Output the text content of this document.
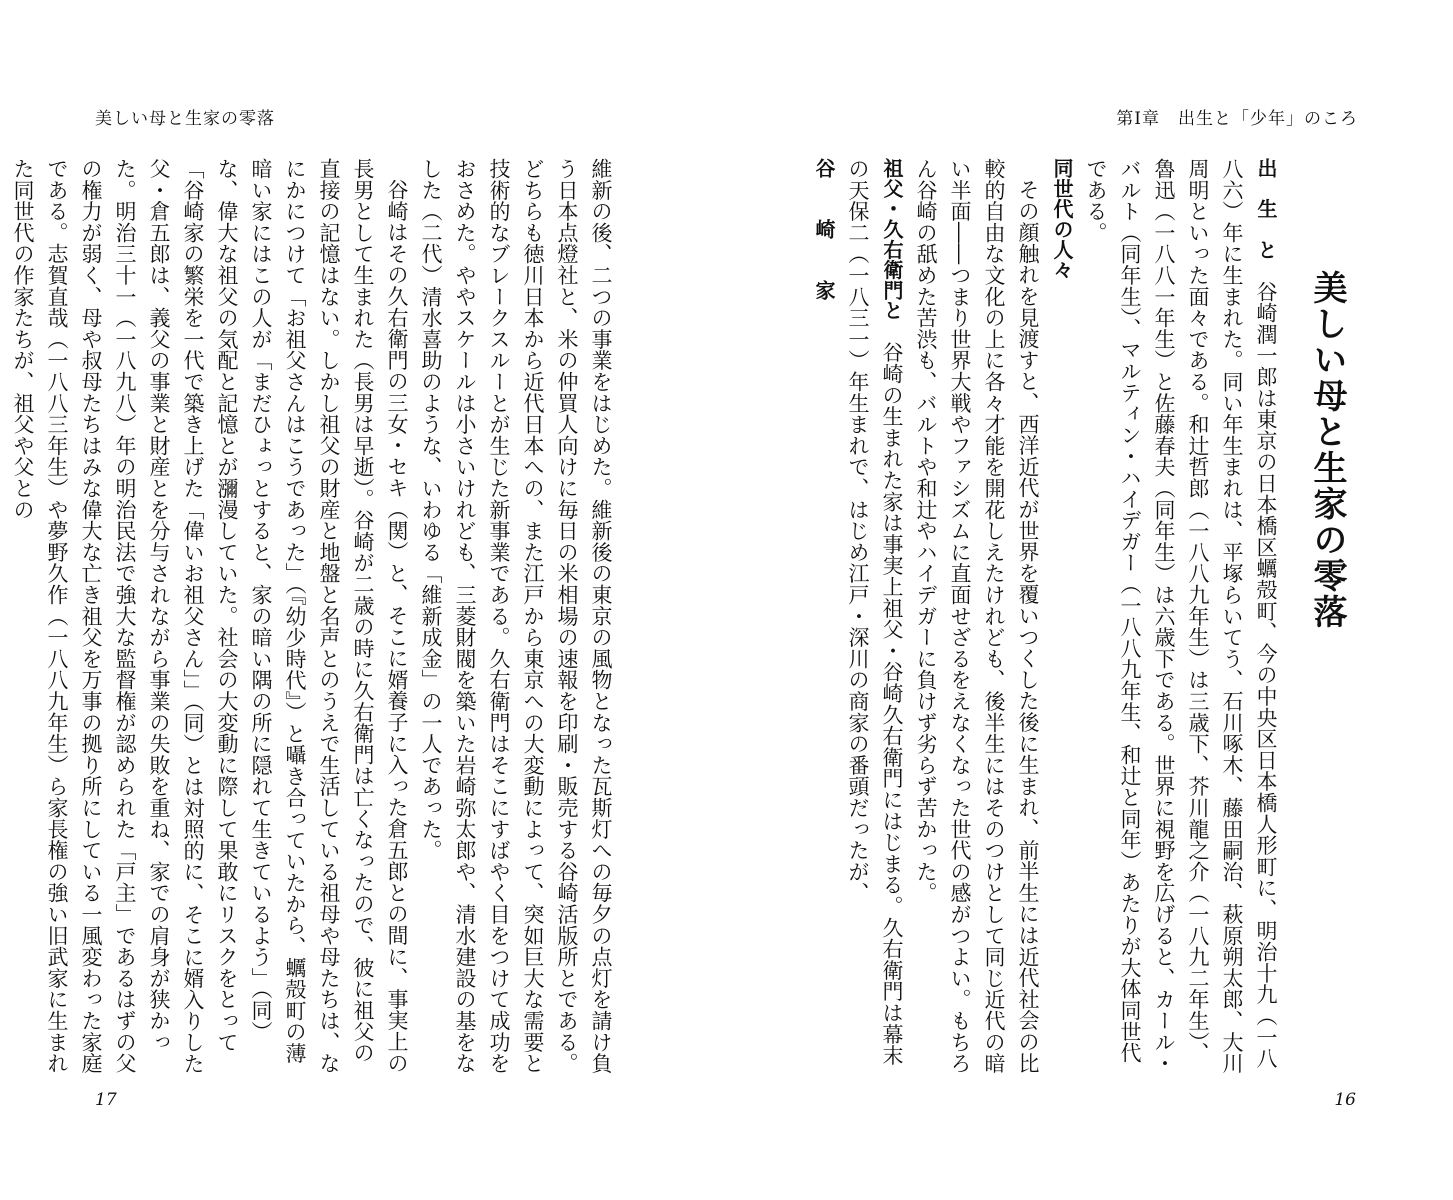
美しい母と生家の零落

維新の後、二つの事業をはじめた。維新後の東京の風物となった瓦斯灯への毎夕の点灯を請け負う日本点燈社と、米の仲買人向けに毎日の米相場の速報を印刷・販売する谷崎活版所とである。どちらも徳川日本から近代日本への、また江戸から東京への大変動によって、突如巨大な需要と技術的なブレークスルーとが生じた新事業である。久右衛門はそこにすばやく目をつけて成功をおさめた。ややスケールは小さいけれども、三菱財閥を築いた岩崎弥太郎や、清水建設の基をなした（二代）清水喜助のような、いわゆる「維新成金」の一人であった。

谷崎はその久右衛門の三女・セキ（関）と、そこに婿養子に入った倉五郎との間に、事実上の長男として生まれた（長男は早逝）。谷崎が二歳の時に久右衛門は亡くなったので、彼に祖父の直接の記憶はない。しかし祖父の財産と地盤と名声とのうえで生活している祖母や母たちは、なにかにつけて「お祖父さんはこうであった」（『幼少時代』）と囁き合っていたから、蠣殻町の薄暗い家にはこの人が「まだひょっとすると、家の暗い隅の所に隠れて生きているよう」（同）な、偉大な祖父の気配と記憶とが瀰漫していた。社会の大変動に際して果敢にリスクをとって「谷崎家の繁栄を一代で築き上げた「偉いお祖父さん」」（同）とは対照的に、そこに婿入りした父・倉五郎は、義父の事業と財産とを分与されながら事業の失敗を重ね、家での肩身が狭かった。明治三十一（一八九八）年の明治民法で強大な監督権が認められた「戸主」であるはずの父の権力が弱く、母や叔母たちはみな偉大な亡き祖父を万事の拠り所にしている一風変わった家庭である。志賀直哉（一八八三年生）や夢野久作（一八八九年生）ら家長権の強い旧武家に生まれた同世代の作家たちが、祖父や父との

17
第Ⅰ章　出生と「少年」のころ
美しい母と生家の零落

出　生　と　谷崎潤一郎は東京の日本橋区蠣殻町、今の中央区日本橋人形町に、明治十九（一八八六）年に生まれた。同い年生まれは、平塚らいてう、石川啄木、藤田嗣治、萩原朔太郎、大川周明といった面々である。和辻哲郎（一八八九年生）は三歳下、芥川龍之介（一八九二年生）、魯迅（一八八一年生）と佐藤春夫（同年生）は六歳下である。世界に視野を広げると、カール・バルト（同年生）、マルティン・ハイデガー（一八八九年生、和辻と同年）あたりが大体同世代である。

同世代の人々

その顔触れを見渡すと、西洋近代が世界を覆いつくした後に生まれ、前半生には近代社会の比較的自由な文化の上に各々才能を開花しえたけれども、後半生にはそのつけとして同じ近代の暗い半面――つまり世界大戦やファシズムに直面せざるをえなくなった世代の感がつよい。もちろん谷崎の舐めた苦渋も、バルトや和辻やハイデガーに負けず劣らず苦かった。

祖父・久右衛門と　谷崎の生まれた家は事実上祖父・谷崎久右衛門にはじまる。久右衛門は幕末の天保二（一八三一）年生まれで、はじめ江戸・深川の商家の番頭だったが、

谷　　崎　　家

16
